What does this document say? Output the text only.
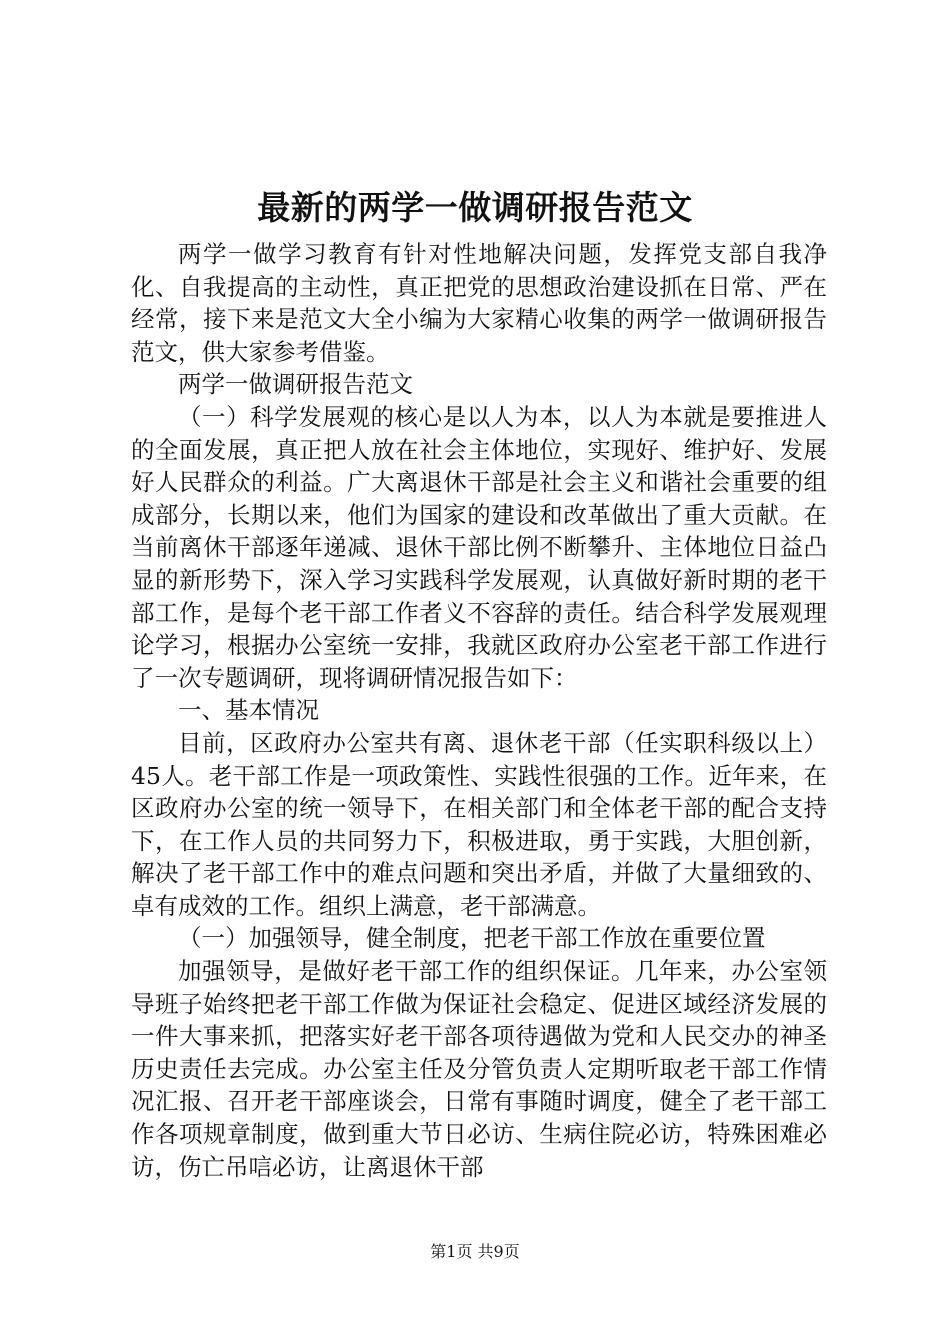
最新的两学一做调研报告范文

两学一做学习教育有针对性地解决问题，发挥党支部自我净化、自我提高的主动性，真正把党的思想政治建设抓在日常、严在经常，接下来是范文大全小编为大家精心收集的两学一做调研报告范文，供大家参考借鉴。

两学一做调研报告范文

（一）科学发展观的核心是以人为本，以人为本就是要推进人的全面发展，真正把人放在社会主体地位，实现好、维护好、发展好人民群众的利益。广大离退休干部是社会主义和谐社会重要的组成部分，长期以来，他们为国家的建设和改革做出了重大贡献。在当前离休干部逐年递减、退休干部比例不断攀升、主体地位日益凸显的新形势下，深入学习实践科学发展观，认真做好新时期的老干部工作，是每个老干部工作者义不容辞的责任。结合科学发展观理论学习，根据办公室统一安排，我就区政府办公室老干部工作进行了一次专题调研，现将调研情况报告如下：

一、基本情况

目前，区政府办公室共有离、退休老干部（任实职科级以上）45人。老干部工作是一项政策性、实践性很强的工作。近年来，在区政府办公室的统一领导下，在相关部门和全体老干部的配合支持下，在工作人员的共同努力下，积极进取，勇于实践，大胆创新，解决了老干部工作中的难点问题和突出矛盾，并做了大量细致的、卓有成效的工作。组织上满意，老干部满意。

（一）加强领导，健全制度，把老干部工作放在重要位置

加强领导，是做好老干部工作的组织保证。几年来，办公室领导班子始终把老干部工作做为保证社会稳定、促进区域经济发展的一件大事来抓，把落实好老干部各项待遇做为党和人民交办的神圣历史责任去完成。办公室主任及分管负责人定期听取老干部工作情况汇报、召开老干部座谈会，日常有事随时调度，健全了老干部工作各项规章制度，做到重大节日必访、生病住院必访，特殊困难必访，伤亡吊唁必访，让离退休干部

第1页 共9页
